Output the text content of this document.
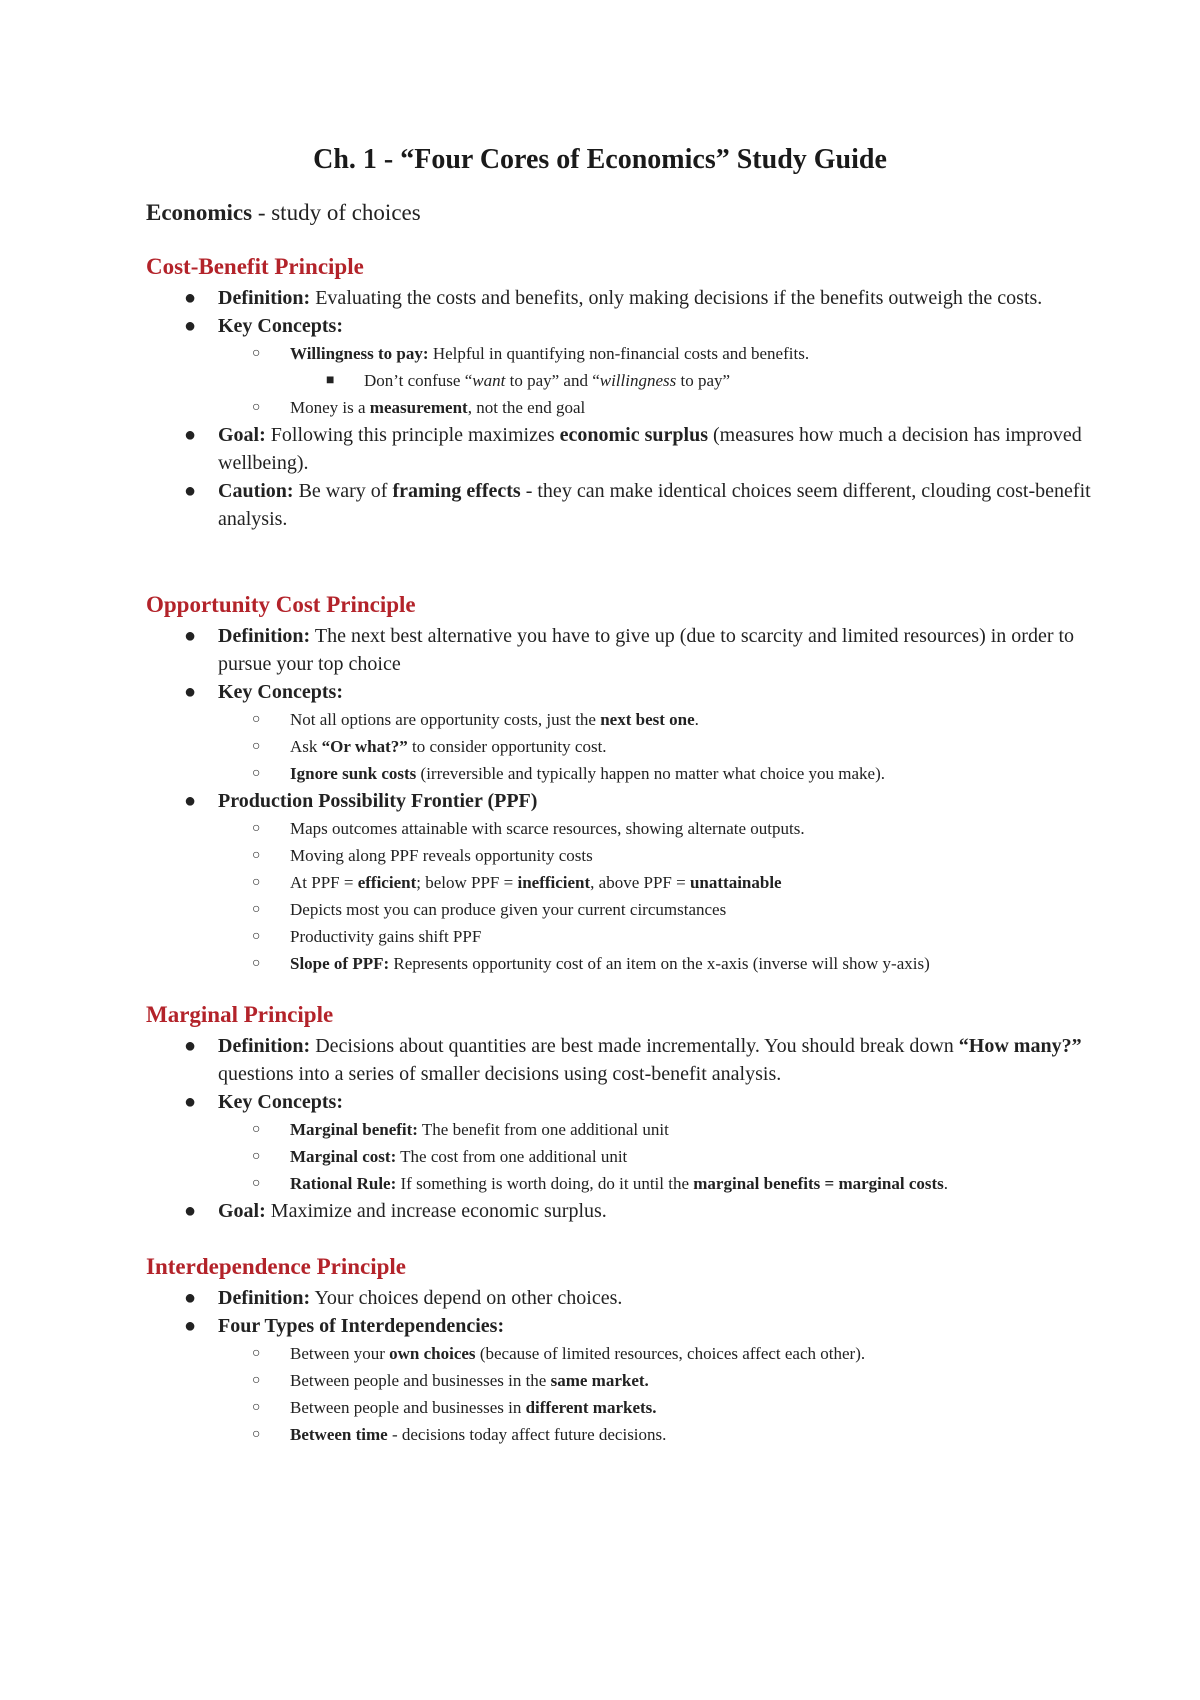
Ch. 1 - “Four Cores of Economics” Study Guide
Economics - study of choices
Cost-Benefit Principle
● Definition: Evaluating the costs and benefits, only making decisions if the benefits outweigh the costs.
● Key Concepts:
○ Willingness to pay: Helpful in quantifying non-financial costs and benefits.
■ Don’t confuse “want to pay” and “willingness to pay”
○ Money is a measurement, not the end goal
● Goal: Following this principle maximizes economic surplus (measures how much a decision has improved wellbeing).
● Caution: Be wary of framing effects - they can make identical choices seem different, clouding cost-benefit analysis.
Opportunity Cost Principle
● Definition: The next best alternative you have to give up (due to scarcity and limited resources) in order to pursue your top choice
● Key Concepts:
○ Not all options are opportunity costs, just the next best one.
○ Ask “Or what?” to consider opportunity cost.
○ Ignore sunk costs (irreversible and typically happen no matter what choice you make).
● Production Possibility Frontier (PPF)
○ Maps outcomes attainable with scarce resources, showing alternate outputs.
○ Moving along PPF reveals opportunity costs
○ At PPF = efficient; below PPF = inefficient, above PPF = unattainable
○ Depicts most you can produce given your current circumstances
○ Productivity gains shift PPF
○ Slope of PPF: Represents opportunity cost of an item on the x-axis (inverse will show y-axis)
Marginal Principle
● Definition: Decisions about quantities are best made incrementally. You should break down “How many?” questions into a series of smaller decisions using cost-benefit analysis.
● Key Concepts:
○ Marginal benefit: The benefit from one additional unit
○ Marginal cost: The cost from one additional unit
○ Rational Rule: If something is worth doing, do it until the marginal benefits = marginal costs.
● Goal: Maximize and increase economic surplus.
Interdependence Principle
● Definition: Your choices depend on other choices.
● Four Types of Interdependencies:
○ Between your own choices (because of limited resources, choices affect each other).
○ Between people and businesses in the same market.
○ Between people and businesses in different markets.
○ Between time - decisions today affect future decisions.
